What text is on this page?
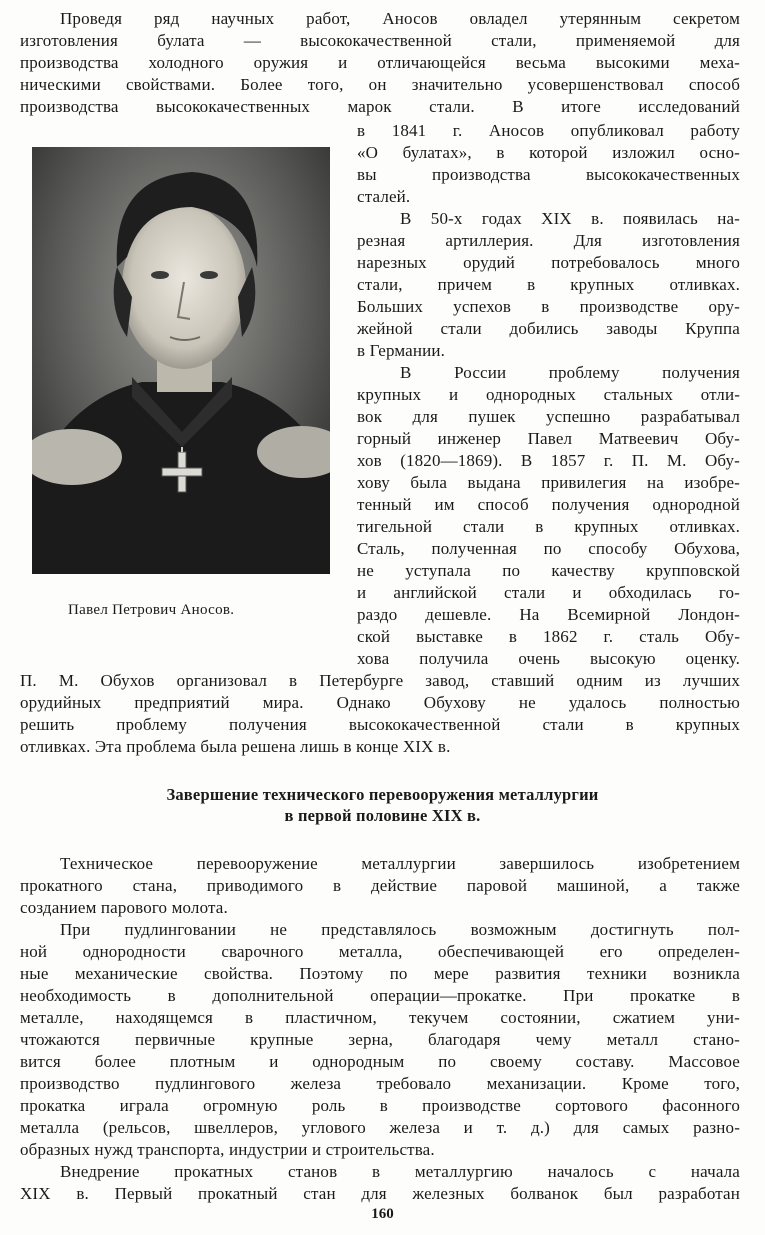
Проведя ряд научных работ, Аносов овладел утерянным секретом

изготовления булата — высококачественной стали, применяемой для

производства холодного оружия и отличающейся весьма высокими меха-

ническими свойствами. Более того, он значительно усовершенствовал способ

производства высококачественных марок стали. В итоге исследований

в 1841 г. Аносов опубликовал работу

«О булатах», в которой изложил осно-

вы производства высококачественных

сталей.

В 50-х годах XIX в. появилась на-

резная артиллерия. Для изготовления

нарезных орудий потребовалось много

стали, причем в крупных отливках.

Больших успехов в производстве ору-

жейной стали добились заводы Круппа

в Германии.

В России проблему получения

крупных и однородных стальных отли-

вок для пушек успешно разрабатывал

горный инженер Павел Матвеевич Обу-

хов (1820—1869). В 1857 г. П. М. Обу-

хову была выдана привилегия на изобре-

тенный им способ получения однородной

тигельной стали в крупных отливках.

Сталь, полученная по способу Обухова,

не уступала по качеству крупповской

и английской стали и обходилась го-

раздо дешевле. На Всемирной Лондон-

ской выставке в 1862 г. сталь Обу-

хова получила очень высокую оценку.

Павел Петрович Аносов.

П. М. Обухов организовал в Петербурге завод, ставший одним из лучших

орудийных предприятий мира. Однако Обухову не удалось полностью

решить проблему получения высококачественной стали в крупных

отливках. Эта проблема была решена лишь в конце XIX в.

Завершение технического перевооружения металлургии
в первой половине XIX в.

Техническое перевооружение металлургии завершилось изобретением

прокатного стана, приводимого в действие паровой машиной, а также

созданием парового молота.

При пудлинговании не представлялось возможным достигнуть пол-

ной однородности сварочного металла, обеспечивающей его определен-

ные механические свойства. Поэтому по мере развития техники возникла

необходимость в дополнительной операции—прокатке. При прокатке в

металле, находящемся в пластичном, текучем состоянии, сжатием уни-

чтожаются первичные крупные зерна, благодаря чему металл стано-

вится более плотным и однородным по своему составу. Массовое

производство пудлингового железа требовало механизации. Кроме того,

прокатка играла огромную роль в производстве сортового фасонного

металла (рельсов, швеллеров, углового железа и т. д.) для самых разно-

образных нужд транспорта, индустрии и строительства.

Внедрение прокатных станов в металлургию началось с начала

XIX в. Первый прокатный стан для железных болванок был разработан

160
